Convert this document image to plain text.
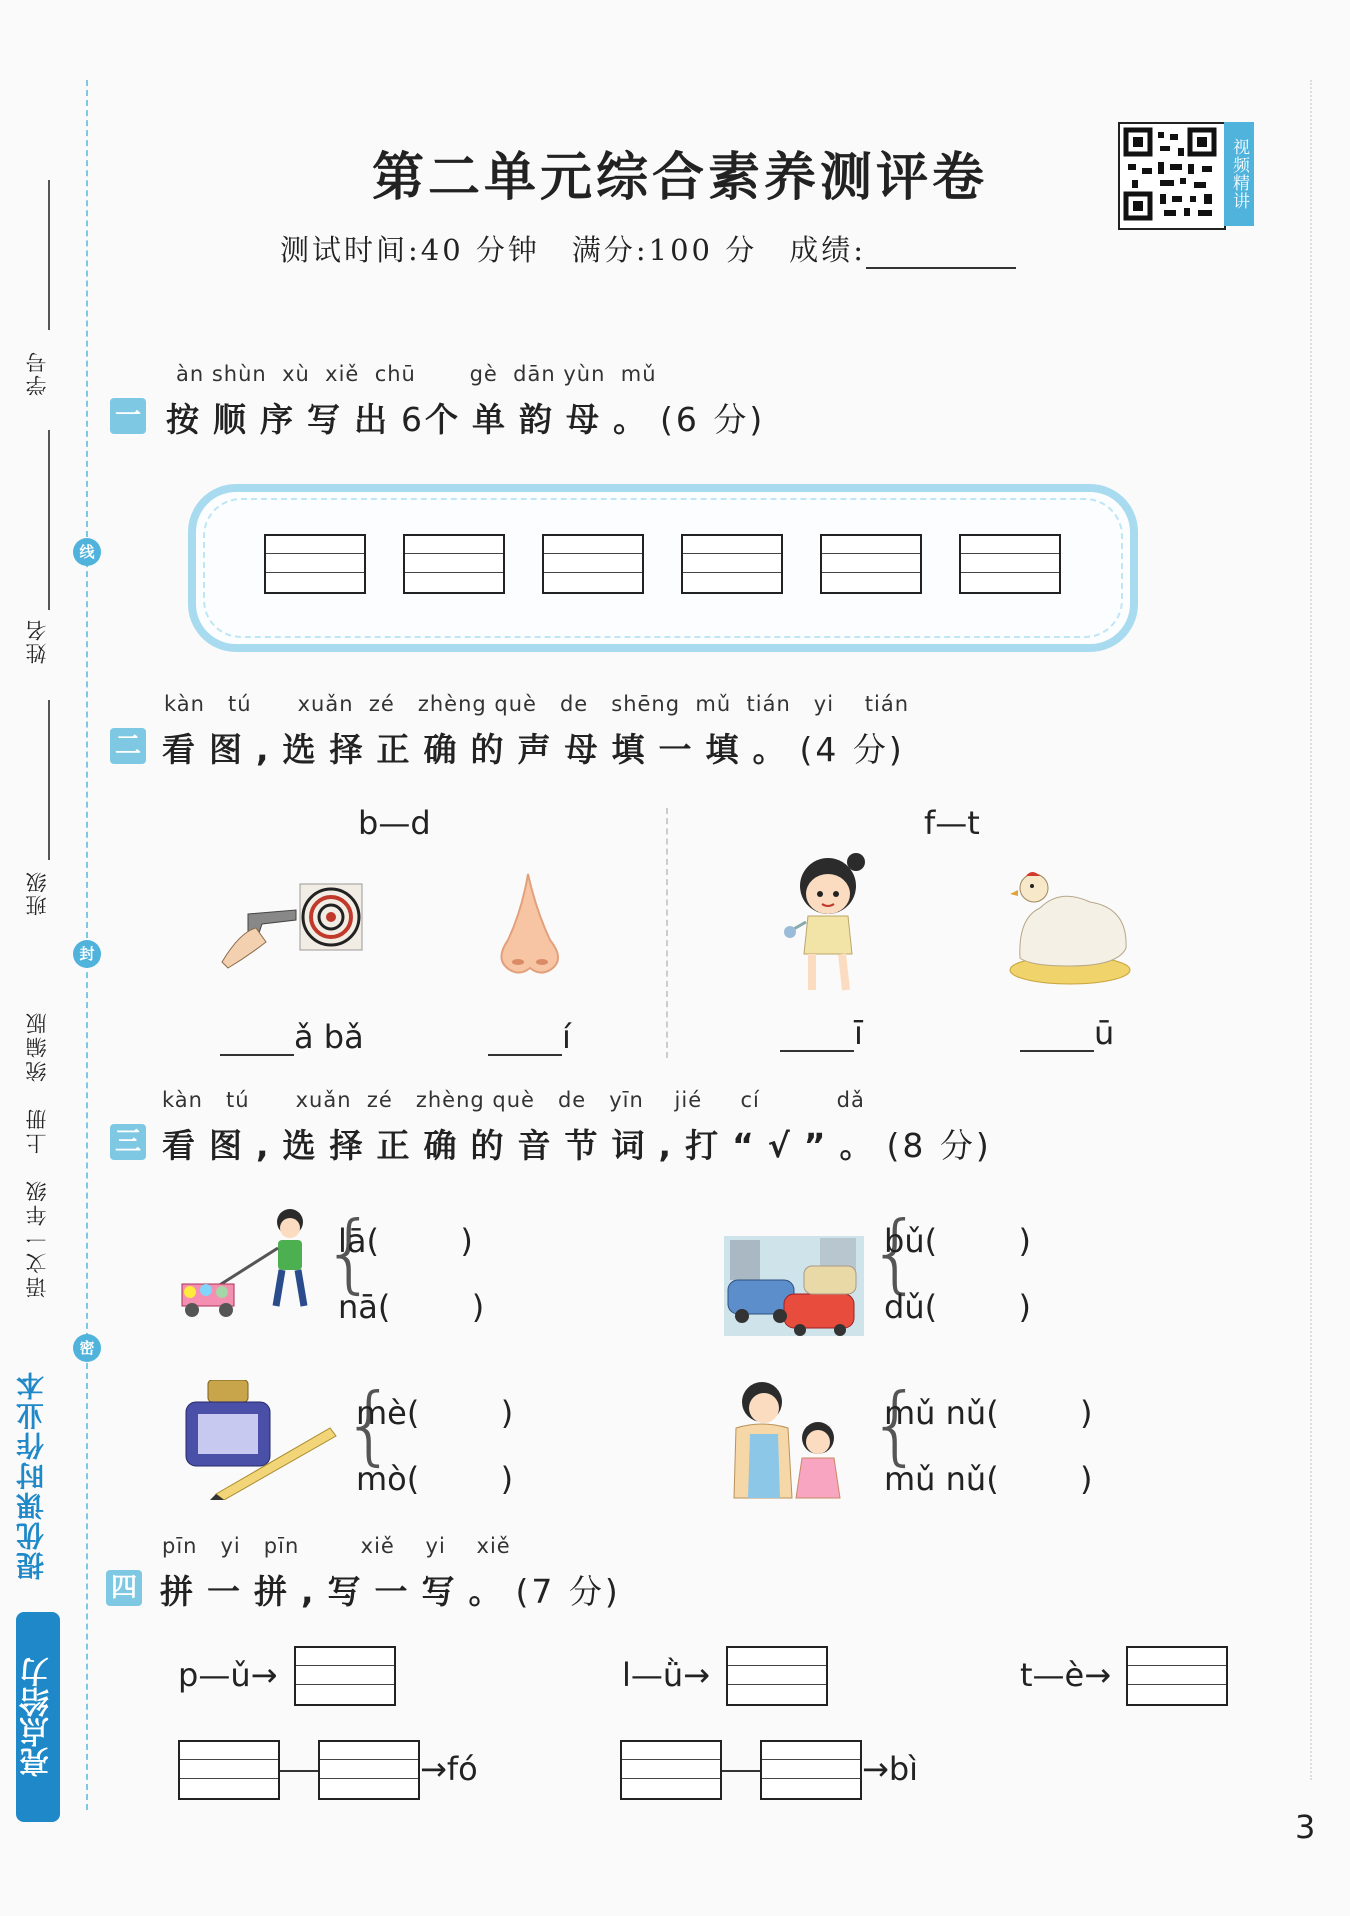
线
封
密
学号
姓名
班级
语文一年级　上册　统编版
提优课时作业本
亮点给力
第二单元综合素养测评卷
测试时间:40 分钟　满分:100 分　成绩:
视频精讲
àn shùn  xù  xiě  chū       gè  dān yùn  mǔ
一 按顺序写出6个单韵母。(6 分)
kàn   tú      xuǎn  zé   zhèng què   de   shēng  mǔ  tián   yi    tián
二 看图,选择正确的声母填一填。(4 分)
b—d	f—t
ǎ bǎ	í	ī	ū
kàn   tú      xuǎn  zé   zhèng què   de   yīn    jié     cí          dǎ
三 看图,选择正确的音节词,打“√”。(8 分)
{
lā(        )
nā(        )
{
bǔ(        )
dǔ(        )
{
mè(        )
mò(        )
{
mǔ nǔ(        )
mǔ nǔ(        )
pīn   yi   pīn        xiě    yi    xiě
四 拼一拼,写一写。(7 分)
p—ǔ→	l—ǜ→	t—è→
→fó	→bì
3
